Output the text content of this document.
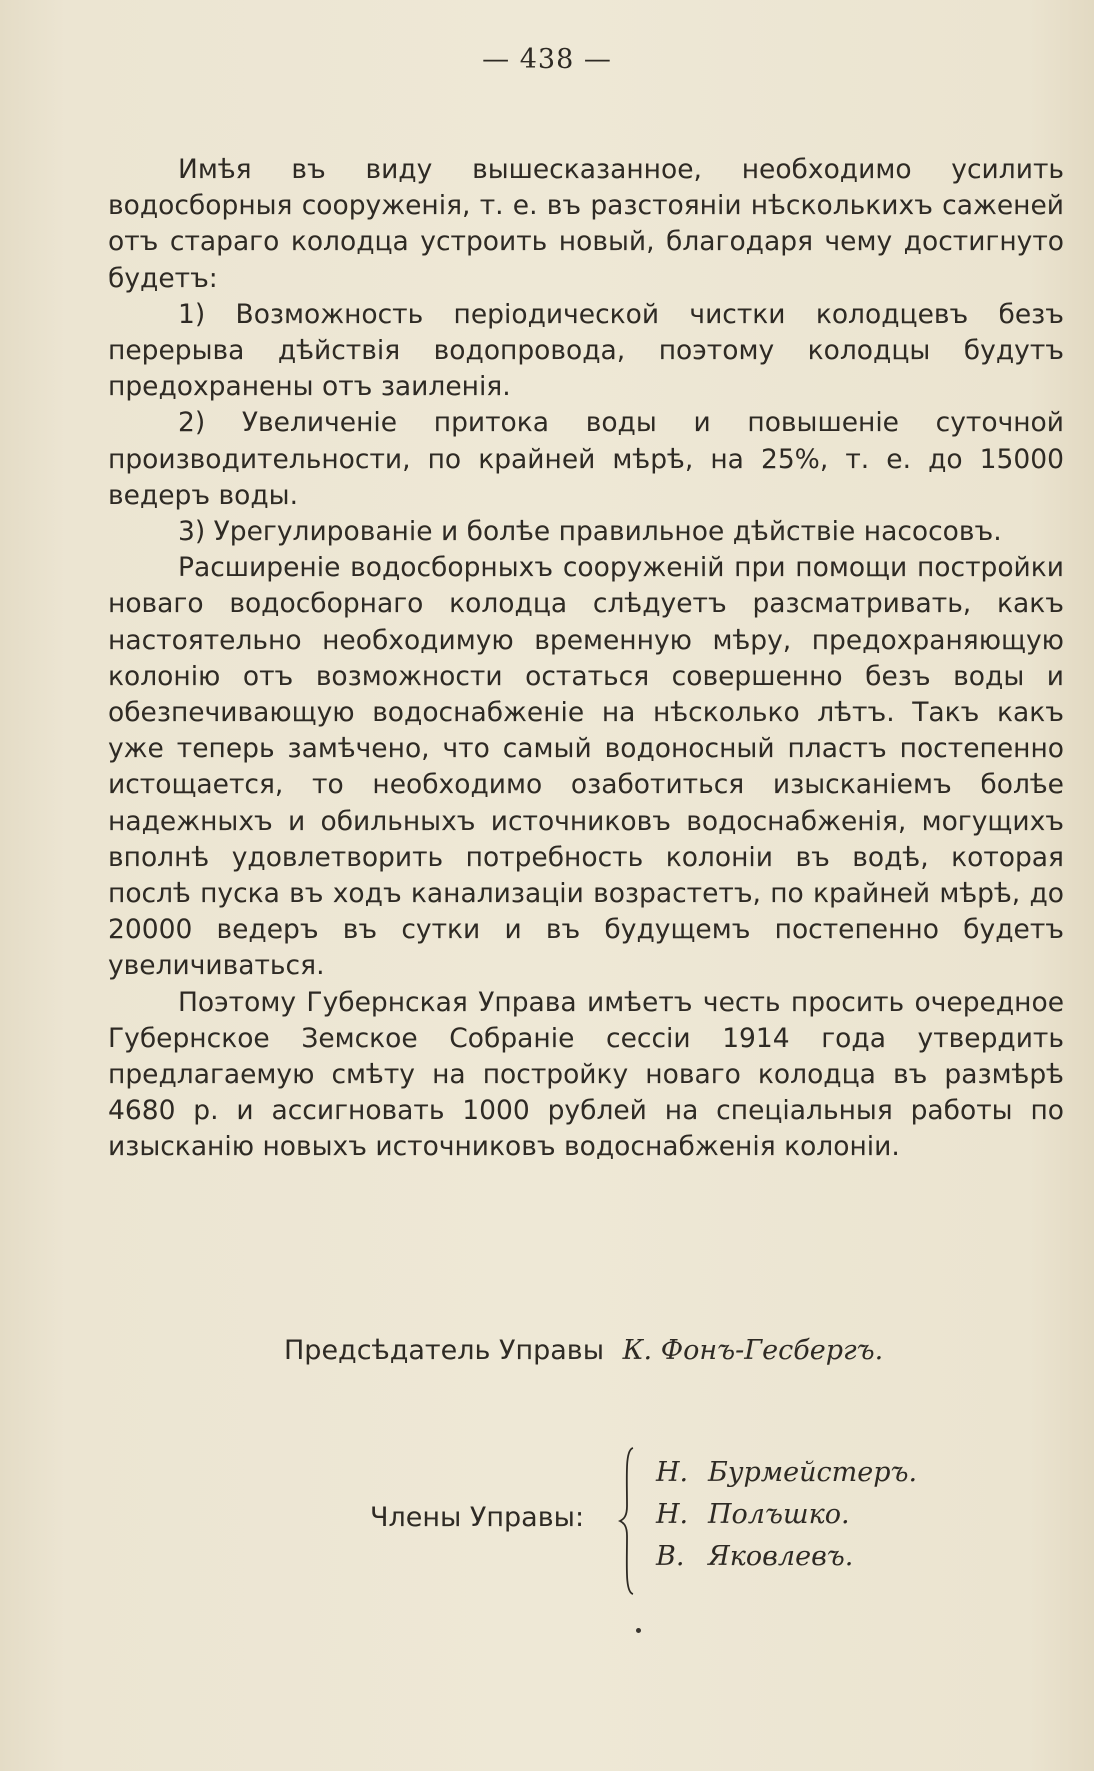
— 438 —

Имѣя въ виду вышесказанное, необходимо усилить водосборныя сооруженія, т. е. въ разстояніи нѣсколькихъ саженей отъ стараго колодца устроить новый, благодаря чему достигнуто будетъ:

1) Возможность періодической чистки колодцевъ безъ перерыва дѣйствія водопровода, поэтому колодцы будутъ предохранены отъ заиленія.

2) Увеличеніе притока воды и повышеніе суточной производительности, по крайней мѣрѣ, на 25%, т. е. до 15000 ведеръ воды.

3) Урегулированіе и болѣе правильное дѣйствіе насосовъ.

Расширеніе водосборныхъ сооруженій при помощи постройки новаго водосборнаго колодца слѣдуетъ разсматривать, какъ настоятельно необходимую временную мѣру, предохраняющую колонію отъ возможности остаться совершенно безъ воды и обезпечивающую водоснабженіе на нѣсколько лѣтъ. Такъ какъ уже теперь замѣчено, что самый водоносный пластъ постепенно истощается, то необходимо озаботиться изысканіемъ болѣе надежныхъ и обильныхъ источниковъ водоснабженія, могущихъ вполнѣ удовлетворить потребность колоніи въ водѣ, которая послѣ пуска въ ходъ канализаціи возрастетъ, по крайней мѣрѣ, до 20000 ведеръ въ сутки и въ будущемъ постепенно будетъ увеличиваться.

Поэтому Губернская Управа имѣетъ честь просить очередное Губернское Земское Собраніе сессіи 1914 года утвердить предлагаемую смѣту на постройку новаго колодца въ размѣрѣ 4680 р. и ассигновать 1000 рублей на спеціальныя работы по изысканію новыхъ источниковъ водоснабженія колоніи.

Предсѣдатель Управы К. Фонъ-Гесбергъ.
Члены Управы:
Н. Бурмейстеръ.
Н. Полъшко.
В. Яковлевъ.
